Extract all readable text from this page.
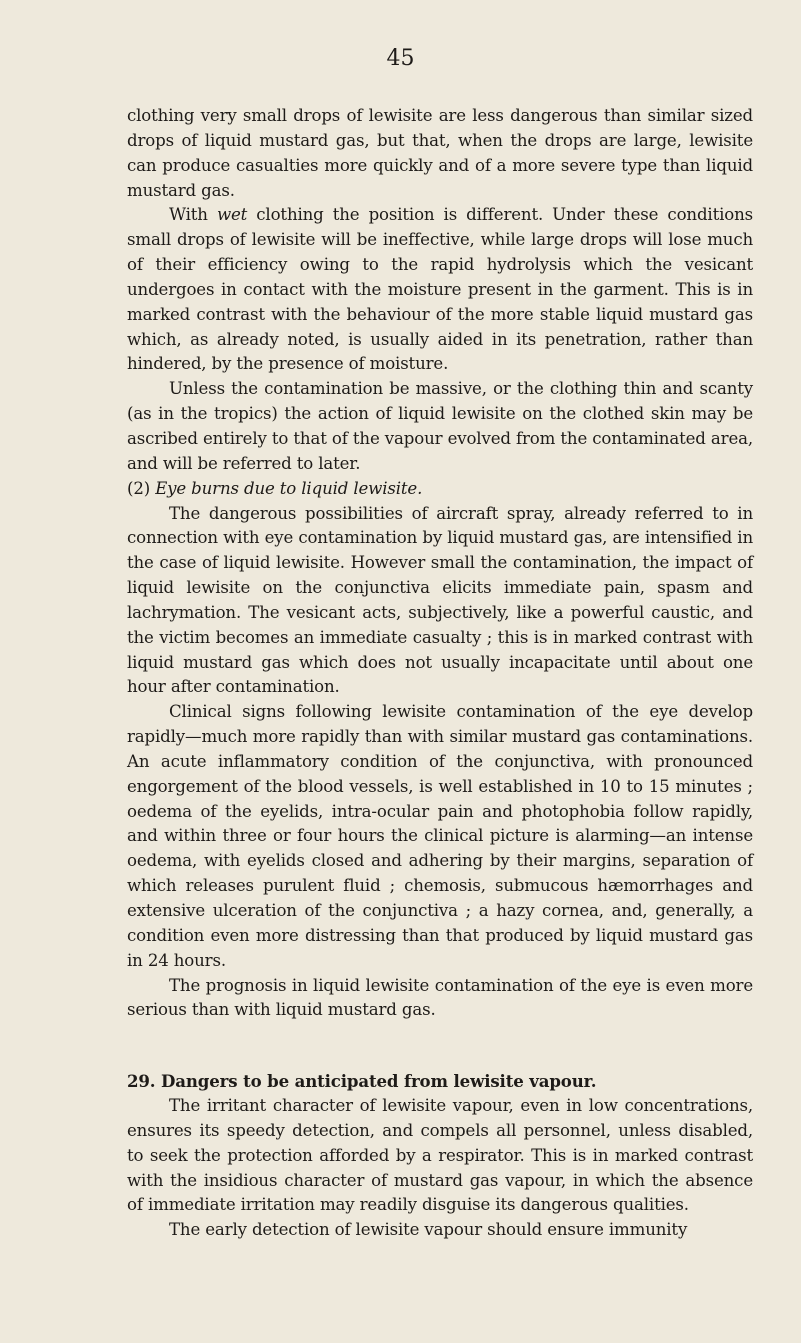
45

clothing very small drops of lewisite are less dangerous than similar sized drops of liquid mustard gas, but that, when the drops are large, lewisite can produce casualties more quickly and of a more severe type than liquid mustard gas.

With wet clothing the position is different. Under these conditions small drops of lewisite will be ineffective, while large drops will lose much of their efficiency owing to the rapid hydrolysis which the vesicant undergoes in contact with the moisture present in the garment. This is in marked contrast with the behaviour of the more stable liquid mustard gas which, as already noted, is usually aided in its penetration, rather than hindered, by the presence of moisture.

Unless the contamination be massive, or the clothing thin and scanty (as in the tropics) the action of liquid lewisite on the clothed skin may be ascribed entirely to that of the vapour evolved from the contaminated area, and will be referred to later.

(2) Eye burns due to liquid lewisite.

The dangerous possibilities of aircraft spray, already referred to in connection with eye contamination by liquid mustard gas, are intensified in the case of liquid lewisite. However small the contamination, the impact of liquid lewisite on the conjunctiva elicits immediate pain, spasm and lachrymation. The vesicant acts, subjectively, like a powerful caustic, and the victim becomes an immediate casualty ; this is in marked contrast with liquid mustard gas which does not usually incapacitate until about one hour after contamination.

Clinical signs following lewisite contamination of the eye develop rapidly—much more rapidly than with similar mustard gas contaminations. An acute inflammatory condition of the conjunctiva, with pronounced engorgement of the blood vessels, is well established in 10 to 15 minutes ; oedema of the eyelids, intra-ocular pain and photophobia follow rapidly, and within three or four hours the clinical picture is alarming—an intense oedema, with eyelids closed and adhering by their margins, separation of which releases purulent fluid ; chemosis, submucous hæmorrhages and extensive ulceration of the conjunctiva ; a hazy cornea, and, generally, a condition even more distressing than that produced by liquid mustard gas in 24 hours.

The prognosis in liquid lewisite contamination of the eye is even more serious than with liquid mustard gas.

29. Dangers to be anticipated from lewisite vapour.

The irritant character of lewisite vapour, even in low concentrations, ensures its speedy detection, and compels all personnel, unless disabled, to seek the protection afforded by a respirator. This is in marked contrast with the insidious character of mustard gas vapour, in which the absence of immediate irritation may readily disguise its dangerous qualities.

The early detection of lewisite vapour should ensure immunity
